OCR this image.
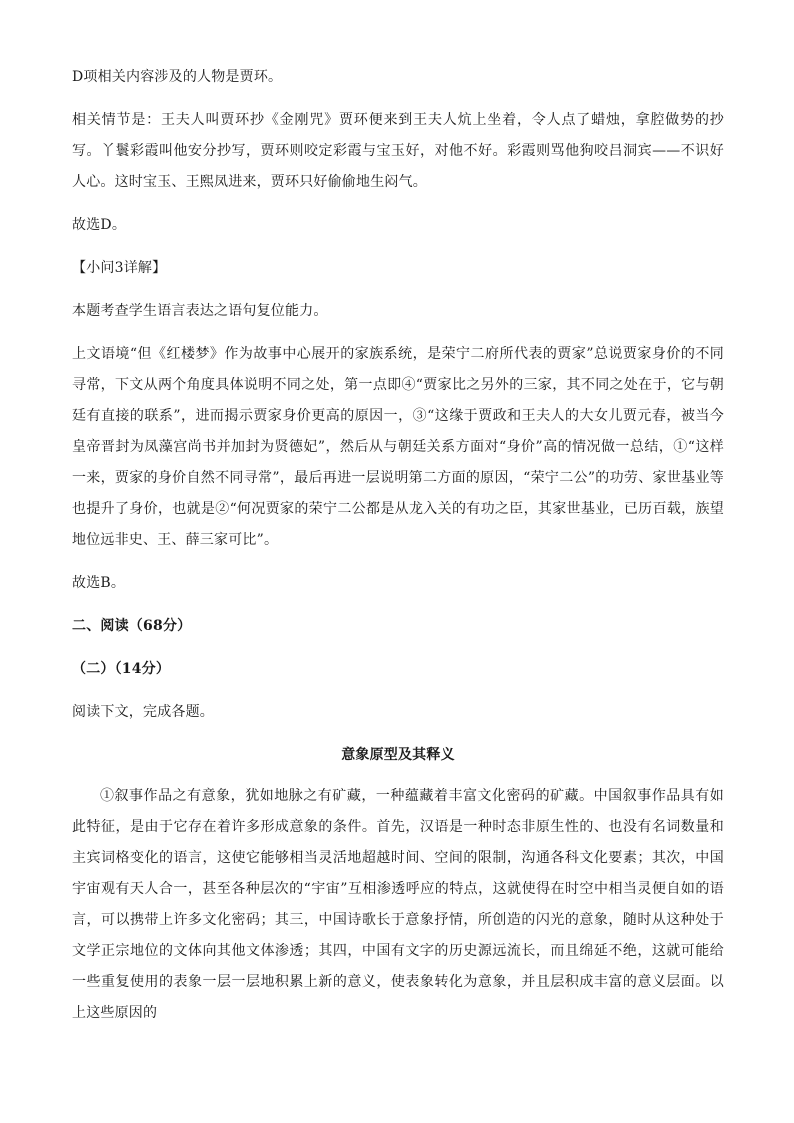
D项相关内容涉及的人物是贾环。

相关情节是：王夫人叫贾环抄《金刚咒》贾环便来到王夫人炕上坐着，令人点了蜡烛，拿腔做势的抄写。丫鬟彩霞叫他安分抄写，贾环则咬定彩霞与宝玉好，对他不好。彩霞则骂他狗咬吕洞宾——不识好人心。这时宝玉、王熙凤进来，贾环只好偷偷地生闷气。

故选D。

【小问3详解】

本题考查学生语言表达之语句复位能力。

上文语境“但《红楼梦》作为故事中心展开的家族系统，是荣宁二府所代表的贾家”总说贾家身价的不同寻常，下文从两个角度具体说明不同之处，第一点即④“贾家比之另外的三家，其不同之处在于，它与朝廷有直接的联系”，进而揭示贾家身价更高的原因一，③“这缘于贾政和王夫人的大女儿贾元春，被当今皇帝晋封为凤藻宫尚书并加封为贤德妃”，然后从与朝廷关系方面对“身价”高的情况做一总结，①“这样一来，贾家的身价自然不同寻常”，最后再进一层说明第二方面的原因，“荣宁二公”的功劳、家世基业等也提升了身价，也就是②“何况贾家的荣宁二公都是从龙入关的有功之臣，其家世基业，已历百载，族望地位远非史、王、薛三家可比”。

故选B。

二、阅读（68分）

（二）（14分）

阅读下文，完成各题。

意象原型及其释义

①叙事作品之有意象，犹如地脉之有矿藏，一种蕴藏着丰富文化密码的矿藏。中国叙事作品具有如此特征，是由于它存在着许多形成意象的条件。首先，汉语是一种时态非原生性的、也没有名词数量和主宾词格变化的语言，这使它能够相当灵活地超越时间、空间的限制，沟通各科文化要素；其次，中国宇宙观有天人合一，甚至各种层次的“宇宙”互相渗透呼应的特点，这就使得在时空中相当灵便自如的语言，可以携带上许多文化密码；其三，中国诗歌长于意象抒情，所创造的闪光的意象，随时从这种处于文学正宗地位的文体向其他文体渗透；其四，中国有文字的历史源远流长，而且绵延不绝，这就可能给一些重复使用的表象一层一层地积累上新的意义，使表象转化为意象，并且层积成丰富的意义层面。以上这些原因的
